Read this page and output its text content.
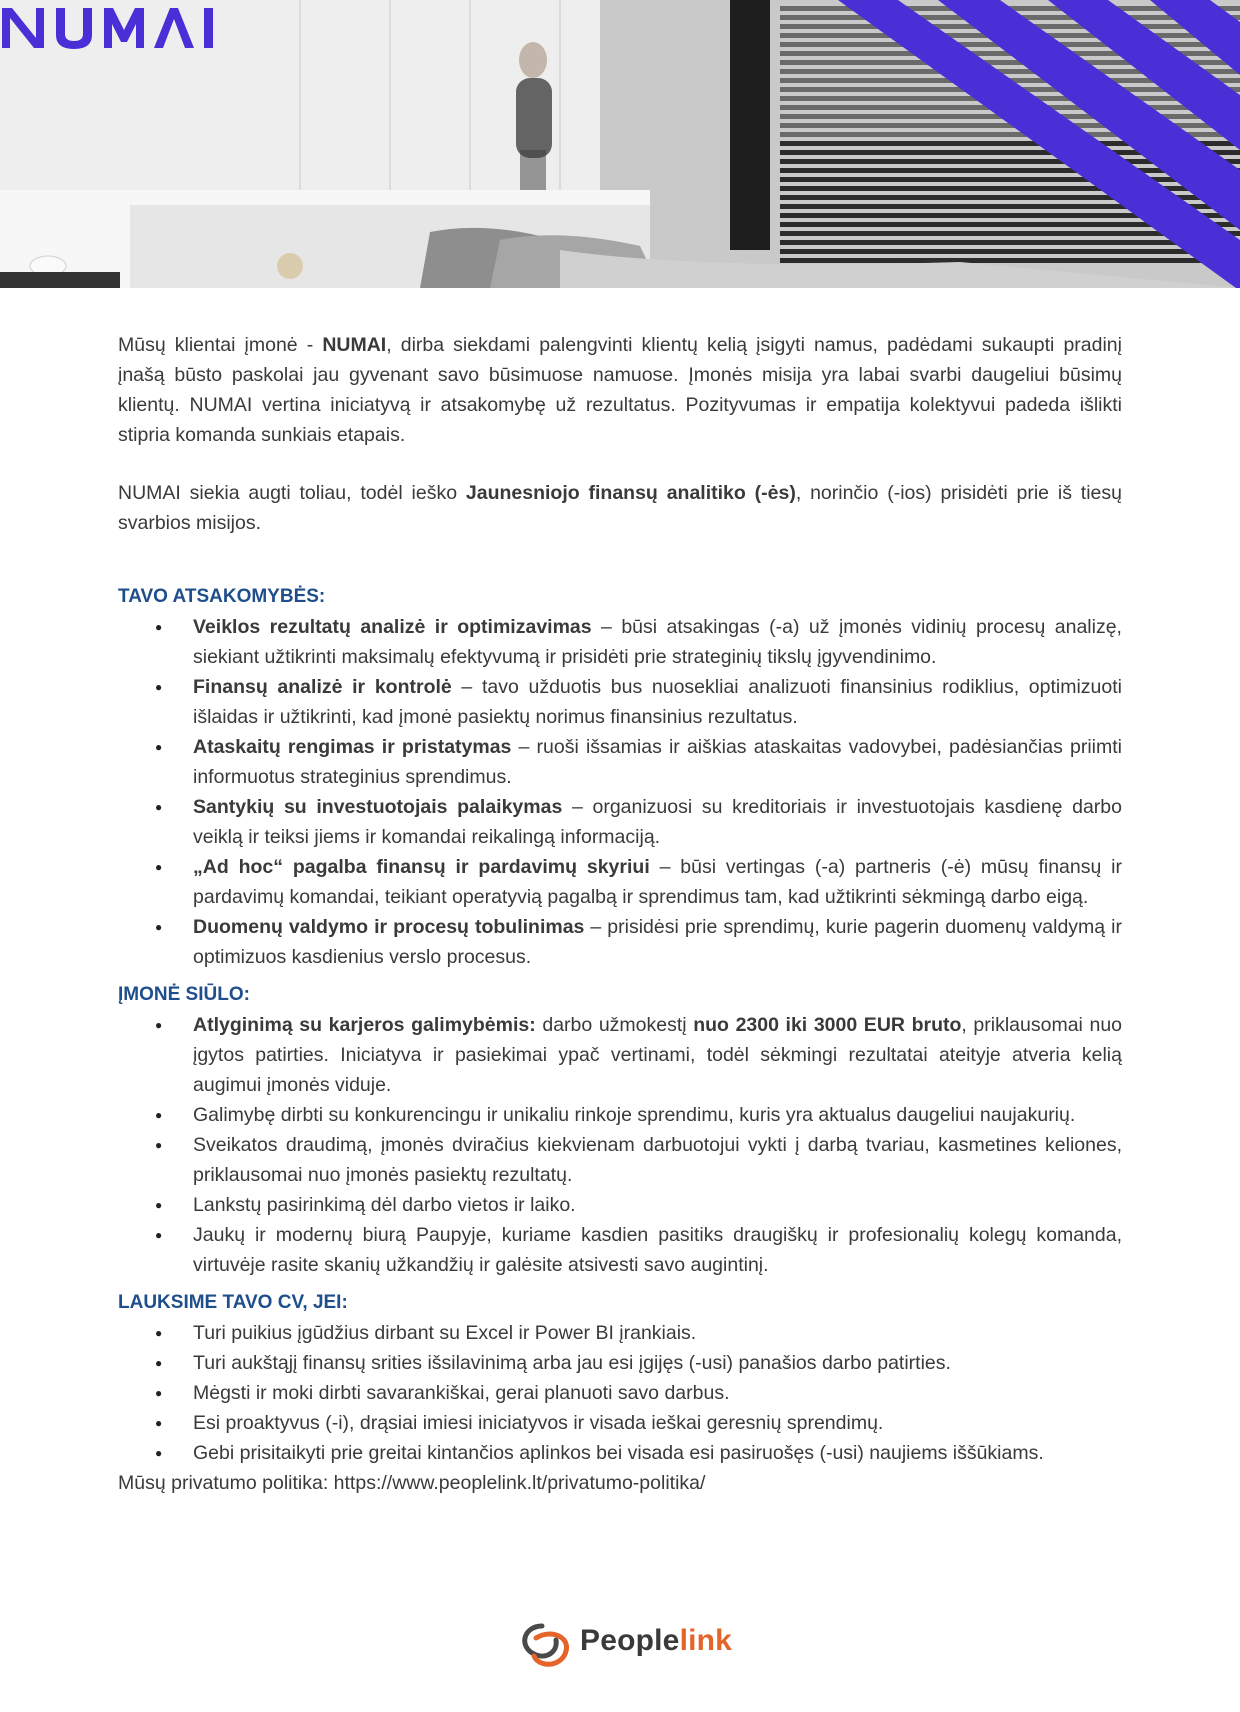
Mūsų klientai įmonė - NUMAI, dirba siekdami palengvinti klientų kelią įsigyti namus, padėdami sukaupti pradinį įnašą būsto paskolai jau gyvenant savo būsimuose namuose. Įmonės misija yra labai svarbi daugeliui būsimų klientų. NUMAI vertina iniciatyvą ir atsakomybę už rezultatus. Pozityvumas ir empatija kolektyvui padeda išlikti stipria komanda sunkiais etapais.

NUMAI siekia augti toliau, todėl ieško Jaunesniojo finansų analitiko (-ės), norinčio (-ios) prisidėti prie iš tiesų svarbios misijos.

TAVO ATSAKOMYBĖS:
● Veiklos rezultatų analizė ir optimizavimas – būsi atsakingas (-a) už įmonės vidinių procesų analizę, siekiant užtikrinti maksimalų efektyvumą ir prisidėti prie strateginių tikslų įgyvendinimo.
● Finansų analizė ir kontrolė – tavo užduotis bus nuosekliai analizuoti finansinius rodiklius, optimizuoti išlaidas ir užtikrinti, kad įmonė pasiektų norimus finansinius rezultatus.
● Ataskaitų rengimas ir pristatymas – ruoši išsamias ir aiškias ataskaitas vadovybei, padėsiančias priimti informuotus strateginius sprendimus.
● Santykių su investuotojais palaikymas – organizuosi su kreditoriais ir investuotojais kasdienę darbo veiklą ir teiksi jiems ir komandai reikalingą informaciją.
● „Ad hoc“ pagalba finansų ir pardavimų skyriui – būsi vertingas (-a) partneris (-ė) mūsų finansų ir pardavimų komandai, teikiant operatyvią pagalbą ir sprendimus tam, kad užtikrinti sėkmingą darbo eigą.
● Duomenų valdymo ir procesų tobulinimas – prisidėsi prie sprendimų, kurie pagerin duomenų valdymą ir optimizuos kasdienius verslo procesus.
ĮMONĖ SIŪLO:
● Atlyginimą su karjeros galimybėmis: darbo užmokestį nuo 2300 iki 3000 EUR bruto, priklausomai nuo įgytos patirties. Iniciatyva ir pasiekimai ypač vertinami, todėl sėkmingi rezultatai ateityje atveria kelią augimui įmonės viduje.
● Galimybę dirbti su konkurencingu ir unikaliu rinkoje sprendimu, kuris yra aktualus daugeliui naujakurių.
● Sveikatos draudimą, įmonės dviračius kiekvienam darbuotojui vykti į darbą tvariau, kasmetines keliones, priklausomai nuo įmonės pasiektų rezultatų.
● Lankstų pasirinkimą dėl darbo vietos ir laiko.
● Jaukų ir modernų biurą Paupyje, kuriame kasdien pasitiks draugiškų ir profesionalių kolegų komanda, virtuvėje rasite skanių užkandžių ir galėsite atsivesti savo augintinį.
LAUKSIME TAVO CV, JEI:
● Turi puikius įgūdžius dirbant su Excel ir Power BI įrankiais.
● Turi aukštąjį finansų srities išsilavinimą arba jau esi įgijęs (-usi) panašios darbo patirties.
● Mėgsti ir moki dirbti savarankiškai, gerai planuoti savo darbus.
● Esi proaktyvus (-i), drąsiai imiesi iniciatyvos ir visada ieškai geresnių sprendimų.
● Gebi prisitaikyti prie greitai kintančios aplinkos bei visada esi pasiruošęs (-usi) naujiems iššūkiams.

Mūsų privatumo politika: https://www.peoplelink.lt/privatumo-politika/

Peoplelink
